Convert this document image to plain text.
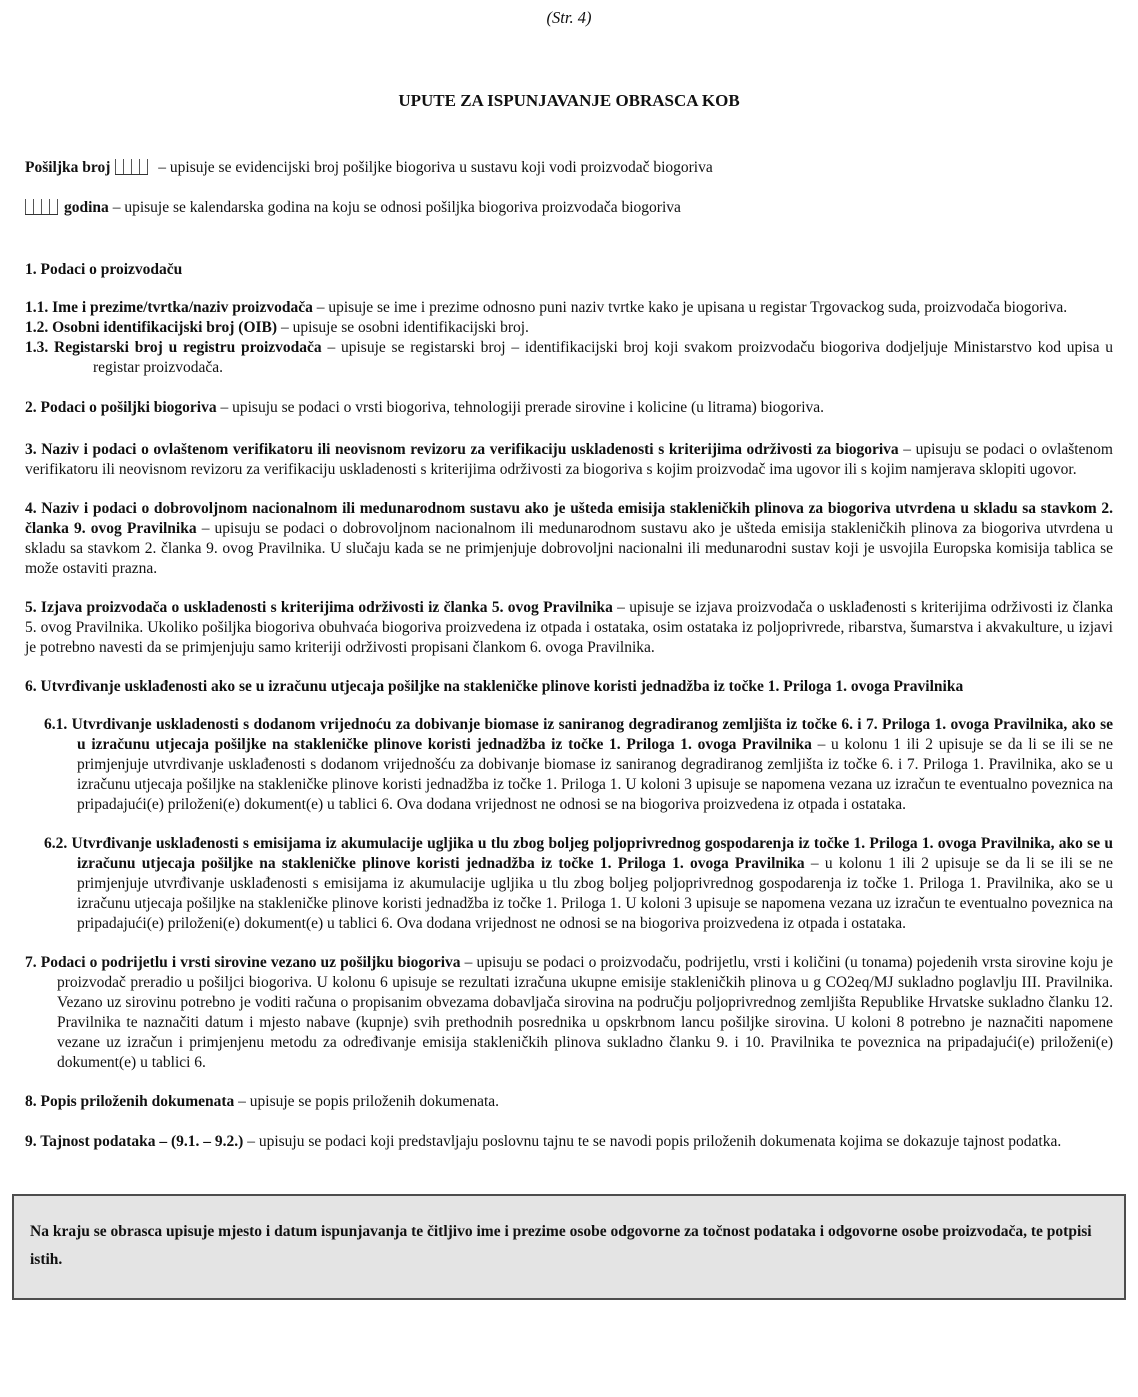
(Str. 4)
UPUTE ZA ISPUNJAVANJE OBRASCA KOB

Pošiljka broj	– upisuje se evidencijski broj pošiljke biogoriva u sustavu koji vodi proizvodač biogoriva

godina – upisuje se kalendarska godina na koju se odnosi pošiljka biogoriva proizvodača biogoriva

1. Podaci o proizvodaču

1.1. Ime i prezime/tvrtka/naziv proizvodača – upisuje se ime i prezime odnosno puni naziv tvrtke kako je upisana u registar Trgovackog suda, proizvodača biogoriva.

1.2. Osobni identifikacijski broj (OIB) – upisuje se osobni identifikacijski broj.

1.3. Registarski broj u registru proizvodača – upisuje se registarski broj – identifikacijski broj koji svakom proizvodaču biogoriva dodjeljuje Ministarstvo kod upisa u registar proizvodača.

2. Podaci o pošiljki biogoriva – upisuju se podaci o vrsti biogoriva, tehnologiji prerade sirovine i kolicine (u litrama) biogoriva.

3. Naziv i podaci o ovlaštenom verifikatoru ili neovisnom revizoru za verifikaciju uskladenosti s kriterijima održivosti za biogoriva – upisuju se podaci o ovlaštenom verifikatoru ili neovisnom revizoru za verifikaciju uskladenosti s kriterijima održivosti za biogoriva s kojim proizvodač ima ugovor ili s kojim namjerava sklopiti ugovor.

4. Naziv i podaci o dobrovoljnom nacionalnom ili medunarodnom sustavu ako je ušteda emisija stakleničkih plinova za biogoriva utvrdena u skladu sa stavkom 2. članka 9. ovog Pravilnika – upisuju se podaci o dobrovoljnom nacionalnom ili medunarodnom sustavu ako je ušteda emisija stakleničkih plinova za biogoriva utvrdena u skladu sa stavkom 2. članka 9. ovog Pravilnika. U slučaju kada se ne primjenjuje dobrovoljni nacionalni ili medunarodni sustav koji je usvojila Europska komisija tablica se može ostaviti prazna.

5. Izjava proizvodača o uskladenosti s kriterijima održivosti iz članka 5. ovog Pravilnika – upisuje se izjava proizvodača o usklađenosti s kriterijima održivosti iz članka 5. ovog Pravilnika. Ukoliko pošiljka biogoriva obuhvaća biogoriva proizvedena iz otpada i ostataka, osim ostataka iz poljoprivrede, ribarstva, šumarstva i akvakulture, u izjavi je potrebno navesti da se primjenjuju samo kriteriji održivosti propisani člankom 6. ovoga Pravilnika.

6. Utvrđivanje usklađenosti ako se u izračunu utjecaja pošiljke na stakleničke plinove koristi jednadžba iz točke 1. Priloga 1. ovoga Pravilnika

6.1. Utvrdivanje uskladenosti s dodanom vrijednoću za dobivanje biomase iz saniranog degradiranog zemljišta iz točke 6. i 7. Priloga 1. ovoga Pravilnika, ako se u izračunu utjecaja pošiljke na stakleničke plinove koristi jednadžba iz točke 1. Priloga 1. ovoga Pravilnika – u kolonu 1 ili 2 upisuje se da li se ili se ne primjenjuje utvrdivanje usklađenosti s dodanom vrijednošću za dobivanje biomase iz saniranog degradiranog zemljišta iz točke 6. i 7. Priloga 1. Pravilnika, ako se u izračunu utjecaja pošiljke na stakleničke plinove koristi jednadžba iz točke 1. Priloga 1. U koloni 3 upisuje se napomena vezana uz izračun te eventualno poveznica na pripadajući(e) priloženi(e) dokument(e) u tablici 6. Ova dodana vrijednost ne odnosi se na biogoriva proizvedena iz otpada i ostataka.

6.2. Utvrđivanje usklađenosti s emisijama iz akumulacije ugljika u tlu zbog boljeg poljoprivrednog gospodarenja iz točke 1. Priloga 1. ovoga Pravilnika, ako se u izračunu utjecaja pošiljke na stakleničke plinove koristi jednadžba iz točke 1. Priloga 1. ovoga Pravilnika – u kolonu 1 ili 2 upisuje se da li se ili se ne primjenjuje utvrđivanje usklađenosti s emisijama iz akumulacije ugljika u tlu zbog boljeg poljoprivrednog gospodarenja iz točke 1. Priloga 1. Pravilnika, ako se u izračunu utjecaja pošiljke na stakleničke plinove koristi jednadžba iz točke 1. Priloga 1. U koloni 3 upisuje se napomena vezana uz izračun te eventualno poveznica na pripadajući(e) priloženi(e) dokument(e) u tablici 6. Ova dodana vrijednost ne odnosi se na biogoriva proizvedena iz otpada i ostataka.

7. Podaci o podrijetlu i vrsti sirovine vezano uz pošiljku biogoriva – upisuju se podaci o proizvodaču, podrijetlu, vrsti i količini (u tonama) pojedenih vrsta sirovine koju je proizvodač preradio u pošiljci biogoriva. U kolonu 6 upisuje se rezultati izračuna ukupne emisije stakleničkih plinova u g CO2eq/MJ sukladno poglavlju III. Pravilnika. Vezano uz sirovinu potrebno je voditi računa o propisanim obvezama dobavljača sirovina na području poljoprivrednog zemljišta Republike Hrvatske sukladno članku 12. Pravilnika te naznačiti datum i mjesto nabave (kupnje) svih prethodnih posrednika u opskrbnom lancu pošiljke sirovina. U koloni 8 potrebno je naznačiti napomene vezane uz izračun i primjenjenu metodu za određivanje emisija stakleničkih plinova sukladno članku 9. i 10. Pravilnika te poveznica na pripadajući(e) priloženi(e) dokument(e) u tablici 6.

8. Popis priloženih dokumenata – upisuje se popis priloženih dokumenata.

9. Tajnost podataka – (9.1. – 9.2.) – upisuju se podaci koji predstavljaju poslovnu tajnu te se navodi popis priloženih dokumenata kojima se dokazuje tajnost podatka.

Na kraju se obrasca upisuje mjesto i datum ispunjavanja te čitljivo ime i prezime osobe odgovorne za točnost podataka i odgovorne osobe proizvodača, te potpisi istih.
